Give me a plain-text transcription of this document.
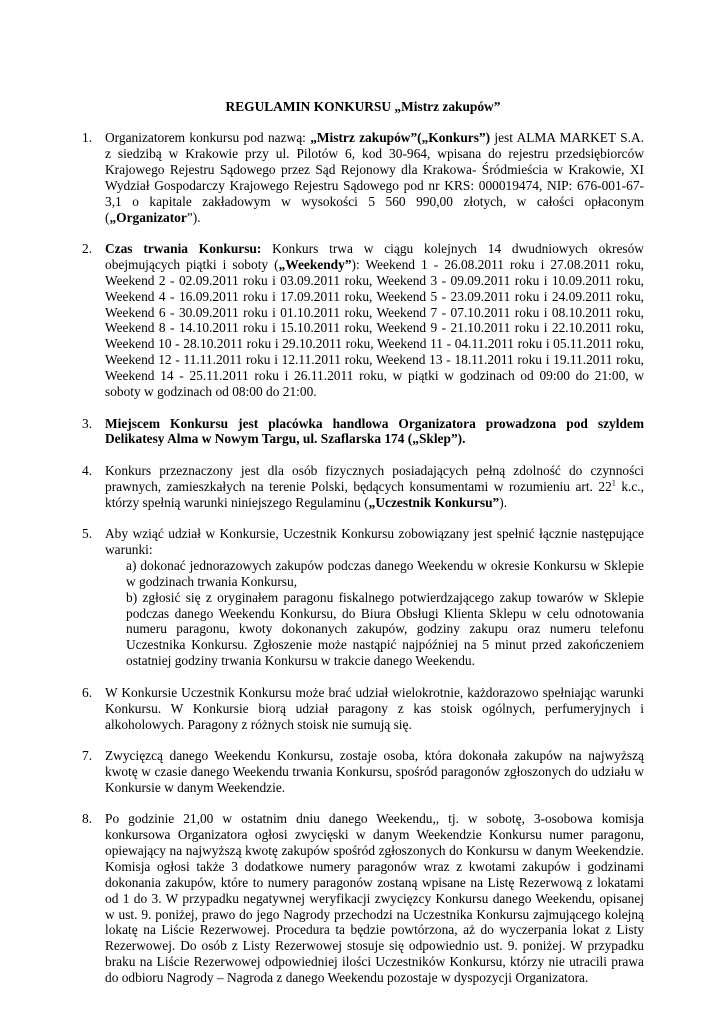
REGULAMIN KONKURSU „Mistrz zakupów”
1. Organizatorem konkursu pod nazwą: „Mistrz zakupów”(„Konkurs”) jest ALMA MARKET S.A. z siedzibą w Krakowie przy ul. Pilotów 6, kod 30-964, wpisana do rejestru przedsiębiorców Krajowego Rejestru Sądowego przez Sąd Rejonowy dla Krakowa- Śródmieścia w Krakowie, XI Wydział Gospodarczy Krajowego Rejestru Sądowego pod nr KRS: 000019474, NIP: 676-001-67-3,1 o kapitale zakładowym w wysokości 5 560 990,00 złotych, w całości opłaconym („Organizator”).
2. Czas trwania Konkursu: Konkurs trwa w ciągu kolejnych 14 dwudniowych okresów obejmujących piątki i soboty („Weekendy”): Weekend 1 - 26.08.2011 roku i 27.08.2011 roku, Weekend 2 - 02.09.2011 roku i 03.09.2011 roku, Weekend 3 - 09.09.2011 roku i 10.09.2011 roku, Weekend 4 - 16.09.2011 roku i 17.09.2011 roku, Weekend 5 - 23.09.2011 roku i 24.09.2011 roku, Weekend 6 - 30.09.2011 roku i 01.10.2011 roku, Weekend 7 - 07.10.2011 roku i 08.10.2011 roku, Weekend 8 - 14.10.2011 roku i 15.10.2011 roku, Weekend 9 - 21.10.2011 roku i 22.10.2011 roku, Weekend 10 - 28.10.2011 roku i 29.10.2011 roku, Weekend 11 - 04.11.2011 roku i 05.11.2011 roku, Weekend 12 - 11.11.2011 roku i 12.11.2011 roku, Weekend 13 - 18.11.2011 roku i 19.11.2011 roku, Weekend 14 - 25.11.2011 roku i 26.11.2011 roku, w piątki w godzinach od 09:00 do 21:00, w soboty w godzinach od 08:00 do 21:00.
3. Miejscem Konkursu jest placówka handlowa Organizatora prowadzona pod szyldem Delikatesy Alma w Nowym Targu, ul. Szaflarska 174 („Sklep”).
4. Konkurs przeznaczony jest dla osób fizycznych posiadających pełną zdolność do czynności prawnych, zamieszkałych na terenie Polski, będących konsumentami w rozumieniu art. $22^1$ k.c., którzy spełnią warunki niniejszego Regulaminu („Uczestnik Konkursu”).
5. Aby wziąć udział w Konkursie, Uczestnik Konkursu zobowiązany jest spełnić łącznie następujące warunki:
a) dokonać jednorazowych zakupów podczas danego Weekendu w okresie Konkursu w Sklepie w godzinach trwania Konkursu,
b) zgłosić się z oryginałem paragonu fiskalnego potwierdzającego zakup towarów w Sklepie podczas danego Weekendu Konkursu, do Biura Obsługi Klienta Sklepu w celu odnotowania numeru paragonu, kwoty dokonanych zakupów, godziny zakupu oraz numeru telefonu Uczestnika Konkursu. Zgłoszenie może nastąpić najpóźniej na 5 minut przed zakończeniem ostatniej godziny trwania Konkursu w trakcie danego Weekendu.
6. W Konkursie Uczestnik Konkursu może brać udział wielokrotnie, każdorazowo spełniając warunki Konkursu. W Konkursie biorą udział paragony z kas stoisk ogólnych, perfumeryjnych i alkoholowych. Paragony z różnych stoisk nie sumują się.
7. Zwycięzcą danego Weekendu Konkursu, zostaje osoba, która dokonała zakupów na najwyższą kwotę w czasie danego Weekendu trwania Konkursu, spośród paragonów zgłoszonych do udziału w Konkursie w danym Weekendzie.
8. Po godzinie 21,00 w ostatnim dniu danego Weekendu,, tj. w sobotę, 3-osobowa komisja konkursowa Organizatora ogłosi zwycięski w danym Weekendzie Konkursu numer paragonu, opiewający na najwyższą kwotę zakupów spośród zgłoszonych do Konkursu w danym Weekendzie. Komisja ogłosi także 3 dodatkowe numery paragonów wraz z kwotami zakupów i godzinami dokonania zakupów, które to numery paragonów zostaną wpisane na Listę Rezerwową z lokatami od 1 do 3. W przypadku negatywnej weryfikacji zwycięzcy Konkursu danego Weekendu, opisanej w ust. 9. poniżej, prawo do jego Nagrody przechodzi na Uczestnika Konkursu zajmującego kolejną lokatę na Liście Rezerwowej. Procedura ta będzie powtórzona, aż do wyczerpania lokat z Listy Rezerwowej. Do osób z Listy Rezerwowej stosuje się odpowiednio ust. 9. poniżej. W przypadku braku na Liście Rezerwowej odpowiedniej ilości Uczestników Konkursu, którzy nie utracili prawa do odbioru Nagrody – Nagroda z danego Weekendu pozostaje w dyspozycji Organizatora.
